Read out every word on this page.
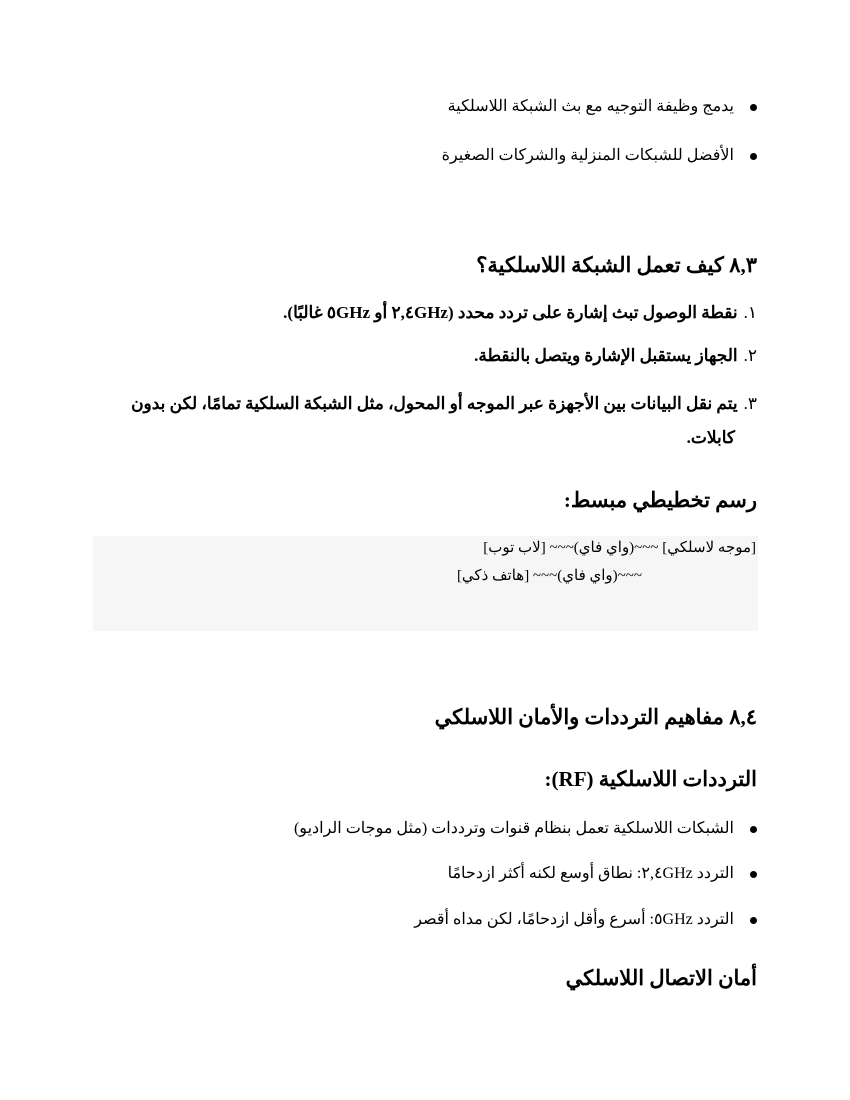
يدمج وظيفة التوجيه مع بث الشبكة اللاسلكية
الأفضل للشبكات المنزلية والشركات الصغيرة
٨,٣ كيف تعمل الشبكة اللاسلكية؟
١.نقطة الوصول تبث إشارة على تردد محدد (٢,٤GHz أو ٥GHz غالبًا).
٢.الجهاز يستقبل الإشارة ويتصل بالنقطة.
٣.يتم نقل البيانات بين الأجهزة عبر الموجه أو المحول، مثل الشبكة السلكية تمامًا، لكن بدون
كابلات.
رسم تخطيطي مبسط:
[موجه لاسلكي] ~~~(واي فاي)~~~ [لاب توب]
~~~(واي فاي)~~~ [هاتف ذكي]
٨,٤ مفاهيم الترددات والأمان اللاسلكي
الترددات اللاسلكية (RF):
الشبكات اللاسلكية تعمل بنظام قنوات وترددات (مثل موجات الراديو)
التردد ٢,٤GHz: نطاق أوسع لكنه أكثر ازدحامًا
التردد ٥GHz: أسرع وأقل ازدحامًا، لكن مداه أقصر
أمان الاتصال اللاسلكي
